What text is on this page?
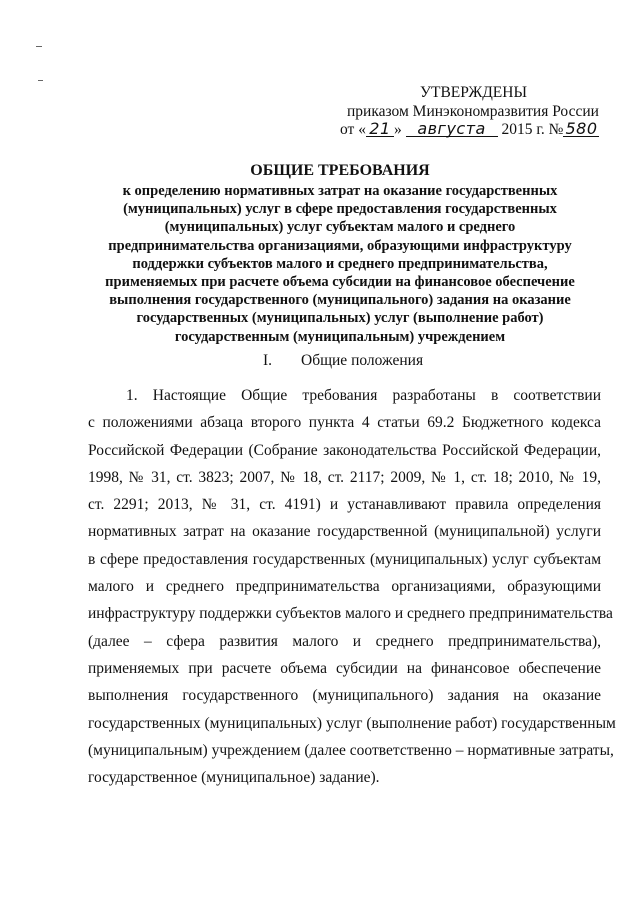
УТВЕРЖДЕНЫ
приказом Минэкономразвития России
от « 21 » августа 2015 г. № 580
ОБЩИЕ ТРЕБОВАНИЯ
к определению нормативных затрат на оказание государственных
(муниципальных) услуг в сфере предоставления государственных
(муниципальных) услуг субъектам малого и среднего
предпринимательства организациями, образующими инфраструктуру
поддержки субъектов малого и среднего предпринимательства,
применяемых при расчете объема субсидии на финансовое обеспечение
выполнения государственного (муниципального) задания на оказание
государственных (муниципальных) услуг (выполнение работ)
государственным (муниципальным) учреждением
I. Общие положения
1. Настоящие Общие требования разработаны в соответствии
с положениями абзаца второго пункта 4 статьи 69.2 Бюджетного кодекса
Российской Федерации (Собрание законодательства Российской Федерации,
1998, № 31, ст. 3823; 2007, № 18, ст. 2117; 2009, № 1, ст. 18; 2010, № 19,
ст. 2291; 2013, № 31, ст. 4191) и устанавливают правила определения
нормативных затрат на оказание государственной (муниципальной) услуги
в сфере предоставления государственных (муниципальных) услуг субъектам
малого и среднего предпринимательства организациями, образующими
инфраструктуру поддержки субъектов малого и среднего предпринимательства
(далее – сфера развития малого и среднего предпринимательства),
применяемых при расчете объема субсидии на финансовое обеспечение
выполнения государственного (муниципального) задания на оказание
государственных (муниципальных) услуг (выполнение работ) государственным
(муниципальным) учреждением (далее соответственно – нормативные затраты,
государственное (муниципальное) задание).
